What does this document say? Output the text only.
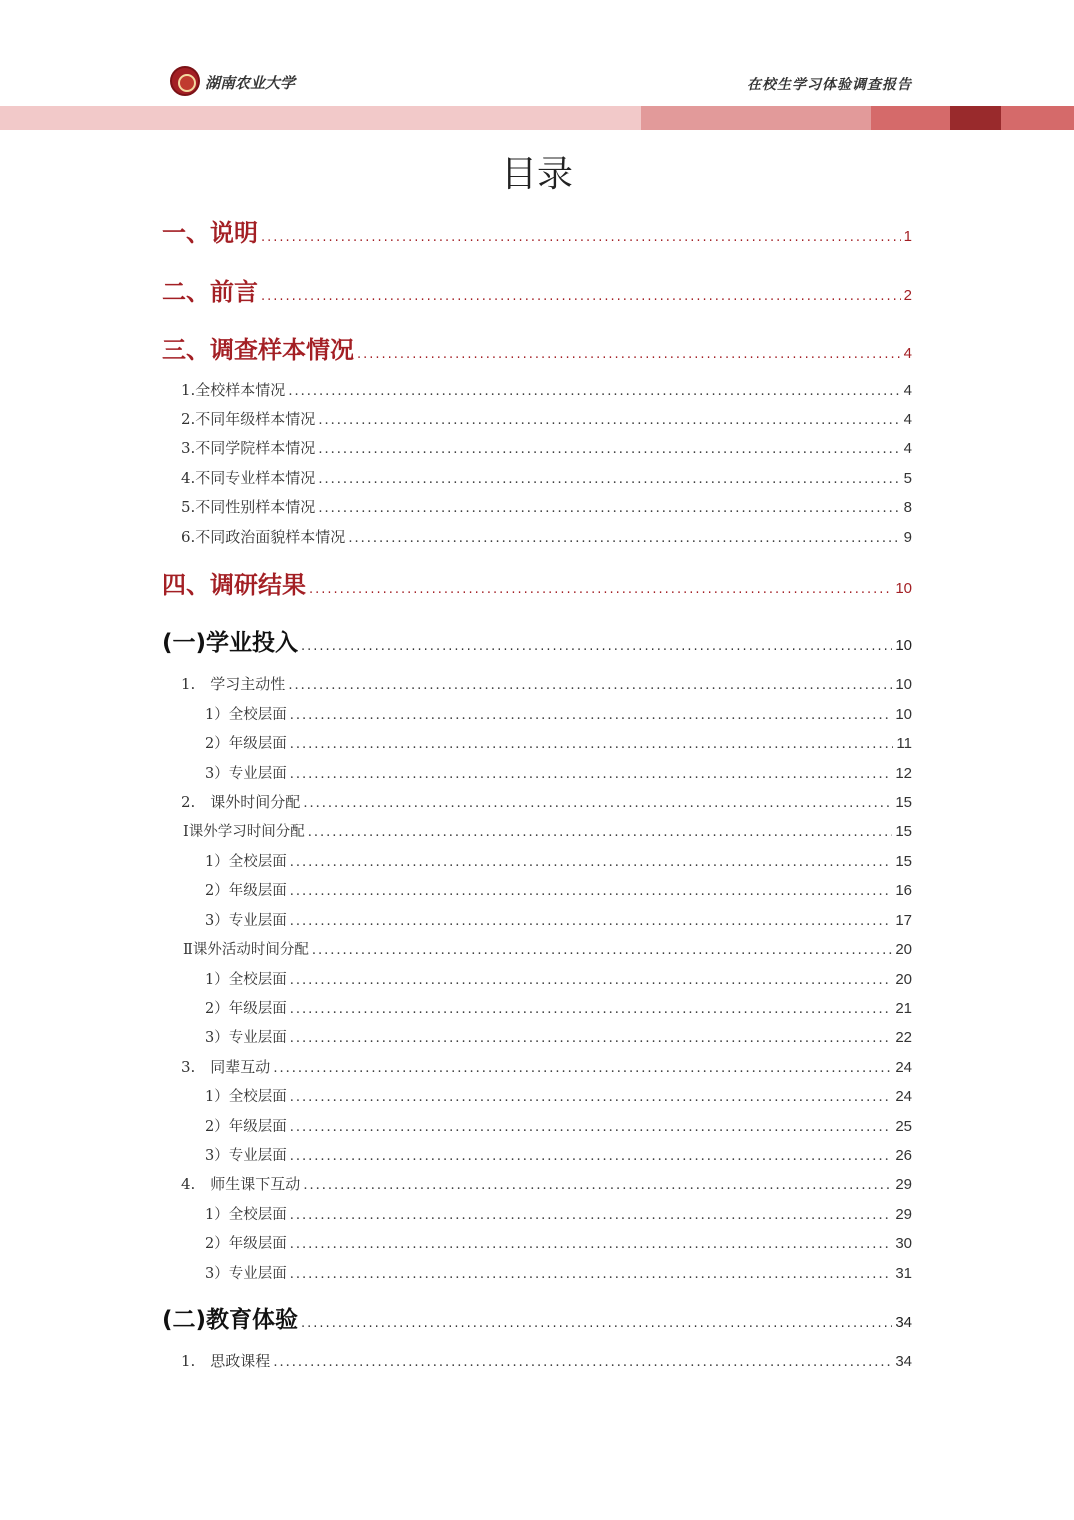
湖南农业大学	在校生学习体验调查报告
目录
一、说明 .....	1
二、前言 .....	2
三、调查样本情况 .....	4
1.全校样本情况 .....	4
2.不同年级样本情况 .....	4
3.不同学院样本情况 .....	4
4.不同专业样本情况 .....	5
5.不同性别样本情况 .....	8
6.不同政治面貌样本情况 .....	9
四、调研结果 .....	10
(一)学业投入 .....	10
1.　学习主动性 .....	10
1）全校层面 .....	10
2）年级层面 .....	11
3）专业层面 .....	12
2.　课外时间分配 .....	15
Ⅰ课外学习时间分配 .....	15
1）全校层面 .....	15
2）年级层面 .....	16
3）专业层面 .....	17
Ⅱ课外活动时间分配 .....	20
1）全校层面 .....	20
2）年级层面 .....	21
3）专业层面 .....	22
3.　同辈互动 .....	24
1）全校层面 .....	24
2）年级层面 .....	25
3）专业层面 .....	26
4.　师生课下互动 .....	29
1）全校层面 .....	29
2）年级层面 .....	30
3）专业层面 .....	31
(二)教育体验 .....	34
1.　思政课程 .....	34
